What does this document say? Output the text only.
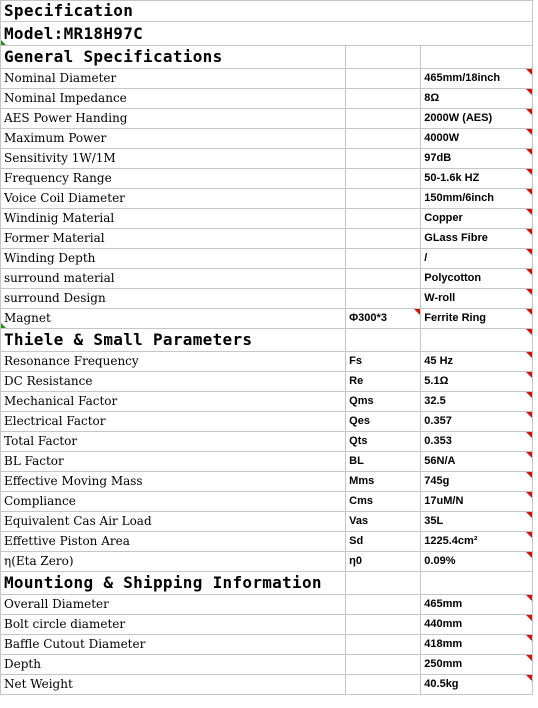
Specification		
Model:MR18H97C		
General Specifications		
Nominal Diameter		465mm/18inch
Nominal Impedance		8Ω
AES Power Handing		2000W (AES)
Maximum Power		4000W
Sensitivity 1W/1M		97dB
Frequency Range		50-1.6k HZ
Voice Coil Diameter		150mm/6inch
Windinig Material		Copper
Former Material		GLass Fibre
Winding Depth		/
surround material		Polycotton
surround Design		W-roll
Magnet	Φ300*3	Ferrite Ring
Thiele & Small Parameters		
Resonance Frequency	Fs	45 Hz
DC Resistance	Re	5.1Ω
Mechanical Factor	Qms	32.5
Electrical Factor	Qes	0.357
Total Factor	Qts	0.353
BL Factor	BL	56N/A
Effective Moving Mass	Mms	745g
Compliance	Cms	17uM/N
Equivalent Cas Air Load	Vas	35L
Effettive Piston Area	Sd	1225.4cm²
η(Eta Zero)	η0	0.09%
Mountiong & Shipping Information		
Overall Diameter		465mm
Bolt circle diameter		440mm
Baffle Cutout Diameter		418mm
Depth		250mm
Net Weight		40.5kg
